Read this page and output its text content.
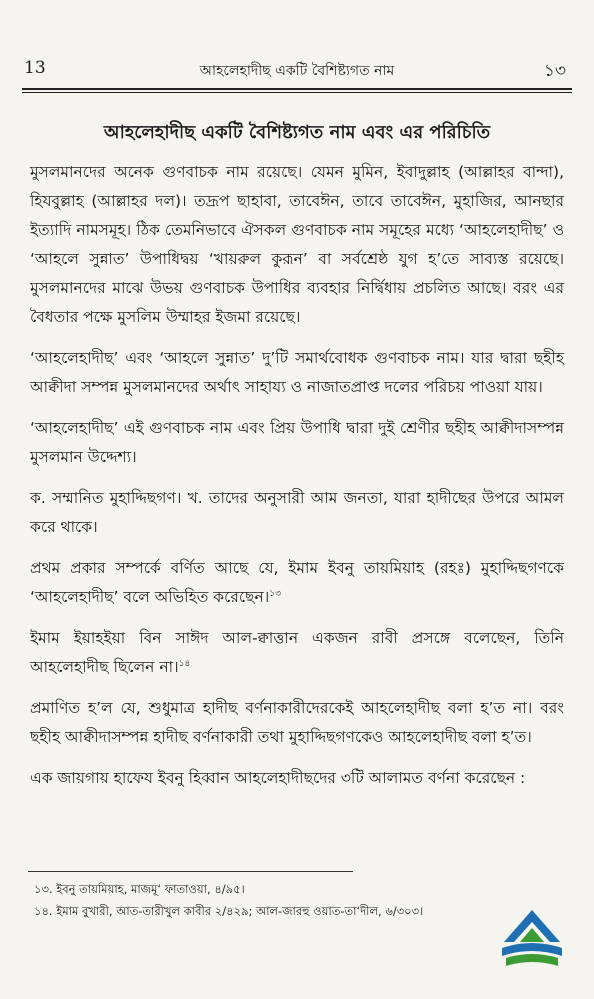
13	আহলেহাদীছ একটি বৈশিষ্ট্যগত নাম	১৩
আহলেহাদীছ একটি বৈশিষ্ট্যগত নাম এবং এর পরিচিতি

মুসলমানদের অনেক গুণবাচক নাম রয়েছে। যেমন মুমিন, ইবাদুল্লাহ (আল্লাহর বান্দা), হিযবুল্লাহ (আল্লাহর দল)। তদ্রূপ ছাহাবা, তাবেঈন, তাবে তাবেঈন, মুহাজির, আনছার ইত্যাদি নামসমূহ। ঠিক তেমনিভাবে ঐসকল গুণবাচক নাম সমূহের মধ্যে ‘আহলেহাদীছ’ ও ‘আহলে সুন্নাত’ উপাধিদ্বয় ‘খায়রুল কুরূন’ বা সর্বশ্রেষ্ঠ যুগ হ’তে সাব্যস্ত রয়েছে। মুসলমানদের মাঝে উভয় গুণবাচক উপাধির ব্যবহার নির্দ্বিধায় প্রচলিত আছে। বরং এর বৈধতার পক্ষে মুসলিম উম্মাহর ইজমা রয়েছে।

‘আহলেহাদীছ’ এবং ‘আহলে সুন্নাত’ দু’টি সমার্থবোধক গুণবাচক নাম। যার দ্বারা ছহীহ আক্বীদা সম্পন্ন মুসলমানদের অর্থাৎ সাহায্য ও নাজাতপ্রাপ্ত দলের পরিচয় পাওয়া যায়।

‘আহলেহাদীছ’ এই গুণবাচক নাম এবং প্রিয় উপাধি দ্বারা দুই শ্রেণীর ছহীহ আক্বীদাসম্পন্ন মুসলমান উদ্দেশ্য।

ক. সম্মানিত মুহাদ্দিছগণ। খ. তাদের অনুসারী আম জনতা, যারা হাদীছের উপরে আমল করে থাকে।

প্রথম প্রকার সম্পর্কে বর্ণিত আছে যে, ইমাম ইবনু তায়মিয়াহ (রহঃ) মুহাদ্দিছগণকে ‘আহলেহাদীছ’ বলে অভিহিত করেছেন।$^{১৩}$

ইমাম ইয়াহইয়া বিন সাঈদ আল-ক্বাত্তান একজন রাবী প্রসঙ্গে বলেছেন, তিনি আহলেহাদীছ ছিলেন না।$^{১৪}$

প্রমাণিত হ’ল যে, শুধুমাত্র হাদীছ বর্ণনাকারীদেরকেই আহলেহাদীছ বলা হ’ত না। বরং ছহীহ আক্বীদাসম্পন্ন হাদীছ বর্ণনাকারী তথা মুহাদ্দিছগণকেও আহলেহাদীছ বলা হ’ত।

এক জায়গায় হাফেয ইবনু হিব্বান আহলেহাদীছদের ৩টি আলামত বর্ণনা করেছেন :

১৩. ইবনু তায়মিয়াহ, মাজমূ‘ ফাতাওয়া, ৪/৯৫।
১৪. ইমাম বুখারী, আত-তারীখুল কাবীর ২/৪২৯; আল-জারহু ওয়াত-তা‘দীল, ৬/৩০৩।
